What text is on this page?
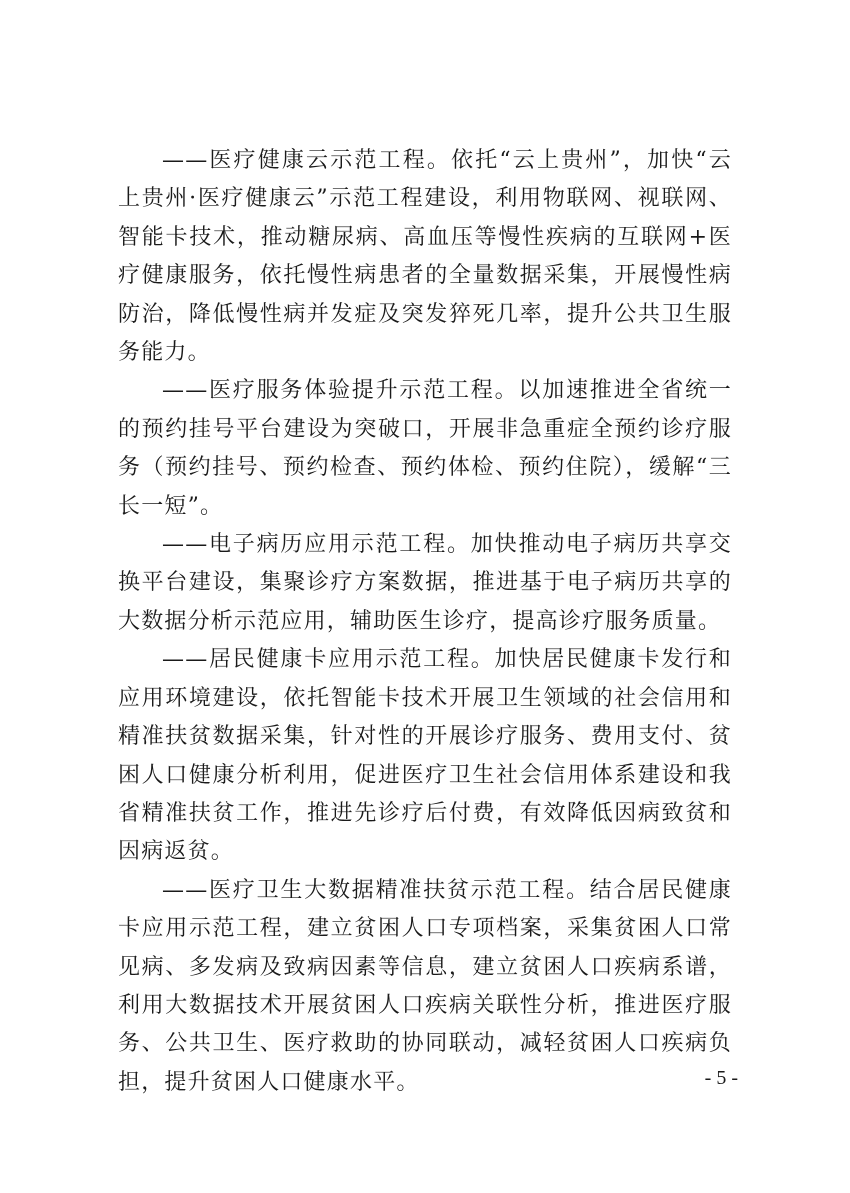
——医疗健康云示范工程。依托“云上贵州”，加快“云上贵州·医疗健康云”示范工程建设，利用物联网、视联网、智能卡技术，推动糖尿病、高血压等慢性疾病的互联网+医疗健康服务，依托慢性病患者的全量数据采集，开展慢性病防治，降低慢性病并发症及突发猝死几率，提升公共卫生服务能力。

——医疗服务体验提升示范工程。以加速推进全省统一的预约挂号平台建设为突破口，开展非急重症全预约诊疗服务（预约挂号、预约检查、预约体检、预约住院），缓解“三长一短”。

——电子病历应用示范工程。加快推动电子病历共享交换平台建设，集聚诊疗方案数据，推进基于电子病历共享的大数据分析示范应用，辅助医生诊疗，提高诊疗服务质量。

——居民健康卡应用示范工程。加快居民健康卡发行和应用环境建设，依托智能卡技术开展卫生领域的社会信用和精准扶贫数据采集，针对性的开展诊疗服务、费用支付、贫困人口健康分析利用，促进医疗卫生社会信用体系建设和我省精准扶贫工作，推进先诊疗后付费，有效降低因病致贫和因病返贫。

——医疗卫生大数据精准扶贫示范工程。结合居民健康卡应用示范工程，建立贫困人口专项档案，采集贫困人口常见病、多发病及致病因素等信息，建立贫困人口疾病系谱，利用大数据技术开展贫困人口疾病关联性分析，推进医疗服务、公共卫生、医疗救助的协同联动，减轻贫困人口疾病负担，提升贫困人口健康水平。	- 5 -
